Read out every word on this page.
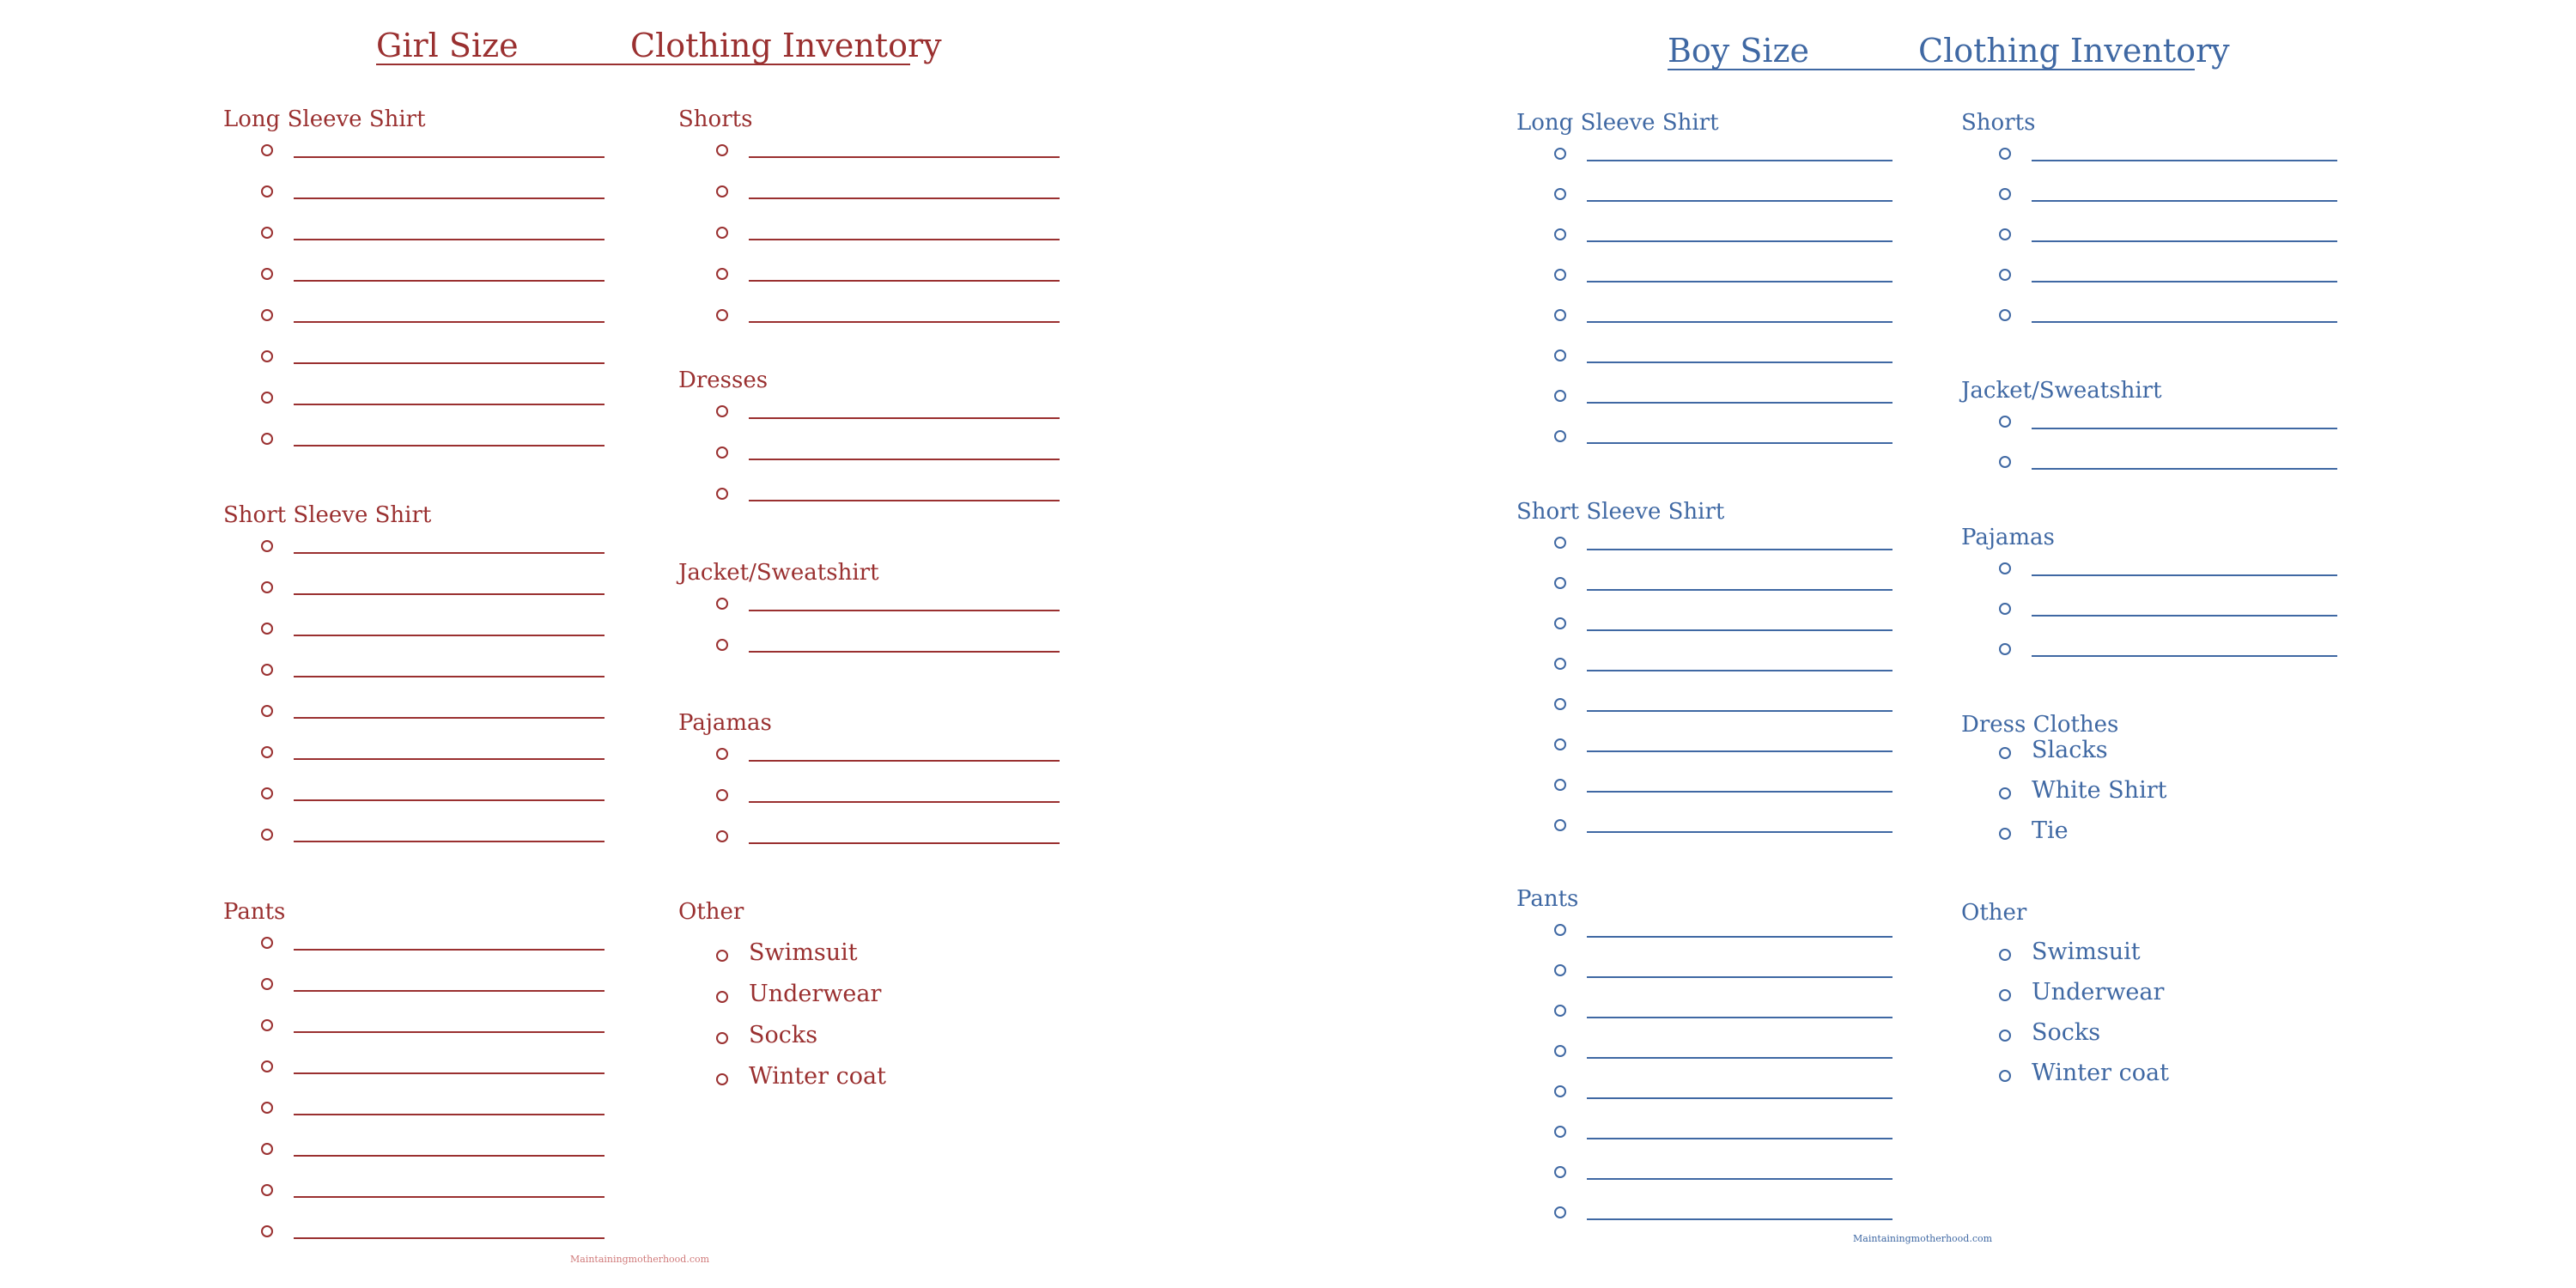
Girl Size	Clothing Inventory
Long Sleeve Shirt
Short Sleeve Shirt
Pants
Shorts
Dresses
Jacket/Sweatshirt
Pajamas
Other
Swimsuit
Underwear
Socks
Winter coat
Maintainingmotherhood.com
Boy Size	Clothing Inventory
Long Sleeve Shirt
Short Sleeve Shirt
Pants
Shorts
Jacket/Sweatshirt
Pajamas
Dress Clothes
Slacks
White Shirt
Tie
Other
Swimsuit
Underwear
Socks
Winter coat
Maintainingmotherhood.com
